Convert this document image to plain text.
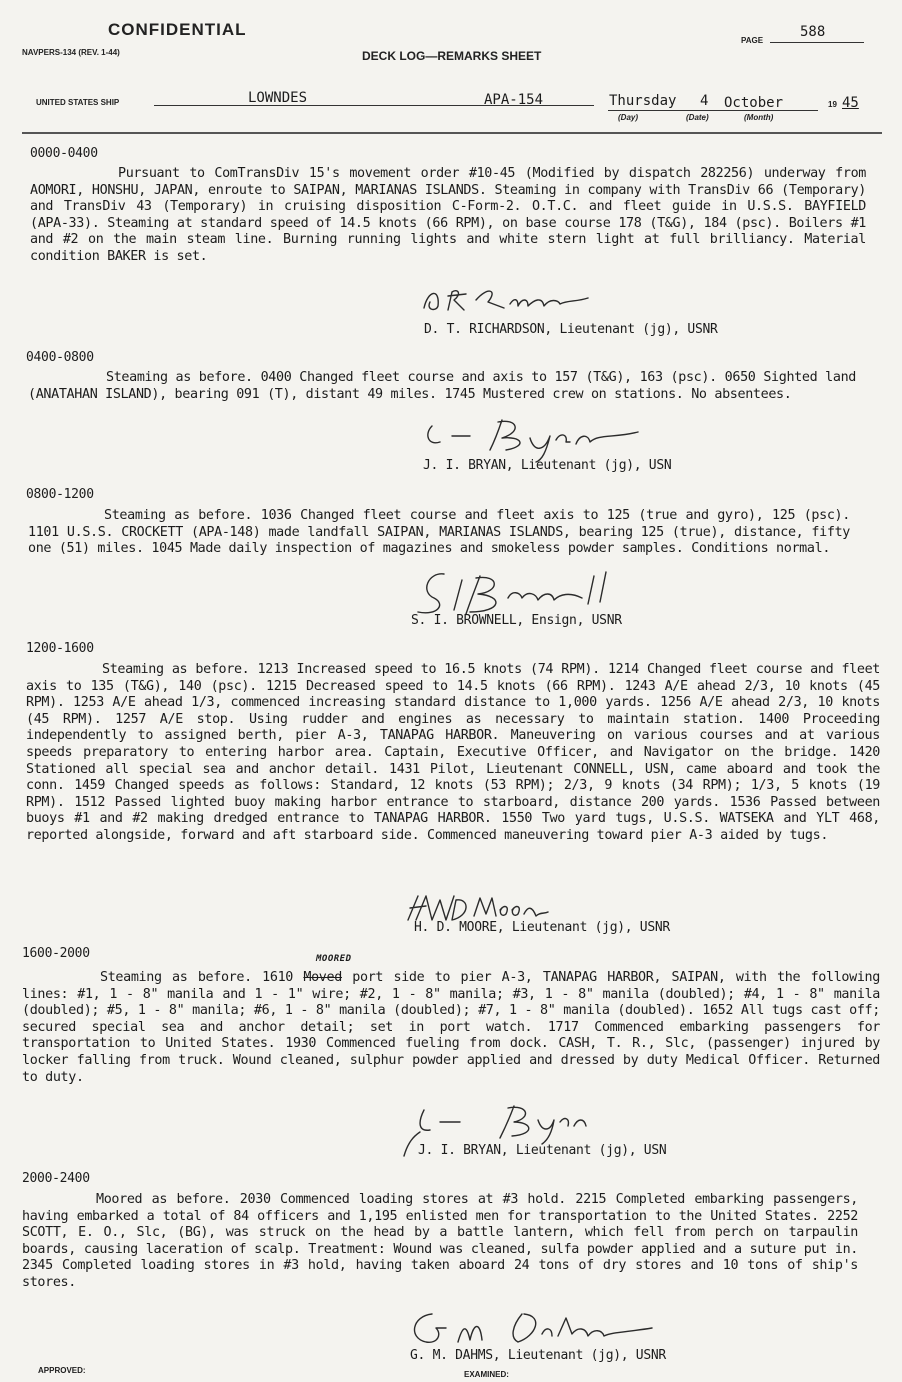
CONFIDENTIAL
NAVPERS-134 (REV. 1-44)	DECK LOG—REMARKS SHEET
PAGE
588
UNITED STATES SHIP	LOWNDES	APA-154	Thursday 4 October
(Day)	(Date)	(Month)
19 45
0000-0400
Pursuant to ComTransDiv 15's movement order #10-45 (Modified by dispatch 282256) underway from AOMORI, HONSHU, JAPAN, enroute to SAIPAN, MARIANAS ISLANDS. Steaming in company with TransDiv 66 (Temporary) and TransDiv 43 (Temporary) in cruising disposition C-Form-2. O.T.C. and fleet guide in U.S.S. BAYFIELD (APA-33). Steaming at standard speed of 14.5 knots (66 RPM), on base course 178 (T&G), 184 (psc). Boilers #1 and #2 on the main steam line. Burning running lights and white stern light at full brilliancy. Material condition BAKER is set.
D. T. RICHARDSON, Lieutenant (jg), USNR
0400-0800
Steaming as before. 0400 Changed fleet course and axis to 157 (T&G), 163 (psc). 0650 Sighted land (ANATAHAN ISLAND), bearing 091 (T), distant 49 miles. 1745 Mustered crew on stations. No absentees.
J. I. BRYAN, Lieutenant (jg), USN
0800-1200
Steaming as before. 1036 Changed fleet course and fleet axis to 125 (true and gyro), 125 (psc). 1101 U.S.S. CROCKETT (APA-148) made landfall SAIPAN, MARIANAS ISLANDS, bearing 125 (true), distance, fifty one (51) miles. 1045 Made daily inspection of magazines and smokeless powder samples. Conditions normal.
S. I. BROWNELL, Ensign, USNR
1200-1600
Steaming as before. 1213 Increased speed to 16.5 knots (74 RPM). 1214 Changed fleet course and fleet axis to 135 (T&G), 140 (psc). 1215 Decreased speed to 14.5 knots (66 RPM). 1243 A/E ahead 2/3, 10 knots (45 RPM). 1253 A/E ahead 1/3, commenced increasing standard distance to 1,000 yards. 1256 A/E ahead 2/3, 10 knots (45 RPM). 1257 A/E stop. Using rudder and engines as necessary to maintain station. 1400 Proceeding independently to assigned berth, pier A-3, TANAPAG HARBOR. Maneuvering on various courses and at various speeds preparatory to entering harbor area. Captain, Executive Officer, and Navigator on the bridge. 1420 Stationed all special sea and anchor detail. 1431 Pilot, Lieutenant CONNELL, USN, came aboard and took the conn. 1459 Changed speeds as follows: Standard, 12 knots (53 RPM); 2/3, 9 knots (34 RPM); 1/3, 5 knots (19 RPM). 1512 Passed lighted buoy making harbor entrance to starboard, distance 200 yards. 1536 Passed between buoys #1 and #2 making dredged entrance to TANAPAG HARBOR. 1550 Two yard tugs, U.S.S. WATSEKA and YLT 468, reported alongside, forward and aft starboard side. Commenced maneuvering toward pier A-3 aided by tugs.
H. D. MOORE, Lieutenant (jg), USNR
1600-2000	MOORED
Steaming as before. 1610 Moved port side to pier A-3, TANAPAG HARBOR, SAIPAN, with the following lines: #1, 1 - 8" manila and 1 - 1" wire; #2, 1 - 8" manila; #3, 1 - 8" manila (doubled); #4, 1 - 8" manila (doubled); #5, 1 - 8" manila; #6, 1 - 8" manila (doubled); #7, 1 - 8" manila (doubled). 1652 All tugs cast off; secured special sea and anchor detail; set in port watch. 1717 Commenced embarking passengers for transportation to United States. 1930 Commenced fueling from dock. CASH, T. R., Slc, (passenger) injured by locker falling from truck. Wound cleaned, sulphur powder applied and dressed by duty Medical Officer. Returned to duty.
J. I. BRYAN, Lieutenant (jg), USN
2000-2400
Moored as before. 2030 Commenced loading stores at #3 hold. 2215 Completed embarking passengers, having embarked a total of 84 officers and 1,195 enlisted men for transportation to the United States. 2252 SCOTT, E. O., Slc, (BG), was struck on the head by a battle lantern, which fell from perch on tarpaulin boards, causing laceration of scalp. Treatment: Wound was cleaned, sulfa powder applied and a suture put in. 2345 Completed loading stores in #3 hold, having taken aboard 24 tons of dry stores and 10 tons of ship's stores.
G. M. DAHMS, Lieutenant (jg), USNR
APPROVED:	EXAMINED:
